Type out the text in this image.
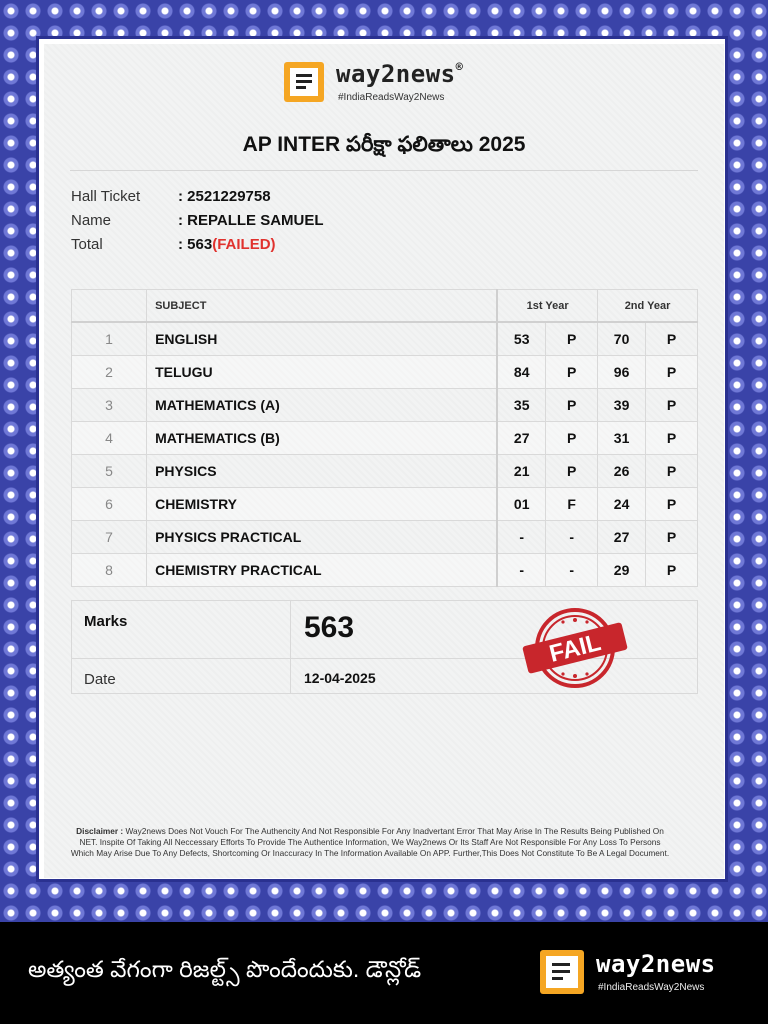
way2news®
#IndiaReadsWay2News
AP INTER పరీక్షా ఫలితాలు 2025
Hall Ticket	: 2521229758
Name	: REPALLE SAMUEL
Total	: 563(FAILED)
	SUBJECT	1st Year		2nd Year	
1	ENGLISH	53	P	70	P
2	TELUGU	84	P	96	P
3	MATHEMATICS (A)	35	P	39	P
4	MATHEMATICS (B)	27	P	31	P
5	PHYSICS	21	P	26	P
6	CHEMISTRY	01	F	24	P
7	PHYSICS PRACTICAL	-	-	27	P
8	CHEMISTRY PRACTICAL	-	-	29	P
Marks	563
Date	12-04-2025
FAIL
Disclaimer : Way2news Does Not Vouch For The Authencity And Not Responsible For Any Inadvertant Error That May Arise In The Results Being Published On NET. Inspite Of Taking All Neccessary Efforts To Provide The Authentice Information, We Way2news Or Its Staff Are Not Responsible For Any Loss To Persons Which May Arise Due To Any Defects, Shortcoming Or Inaccuracy In The Information Available On APP. Further,This Does Not Constitute To Be A Legal Document.
అత్యంత వేగంగా రిజల్ట్స్ పొందేందుకు. డౌన్లోడ్	way2news
#IndiaReadsWay2News
